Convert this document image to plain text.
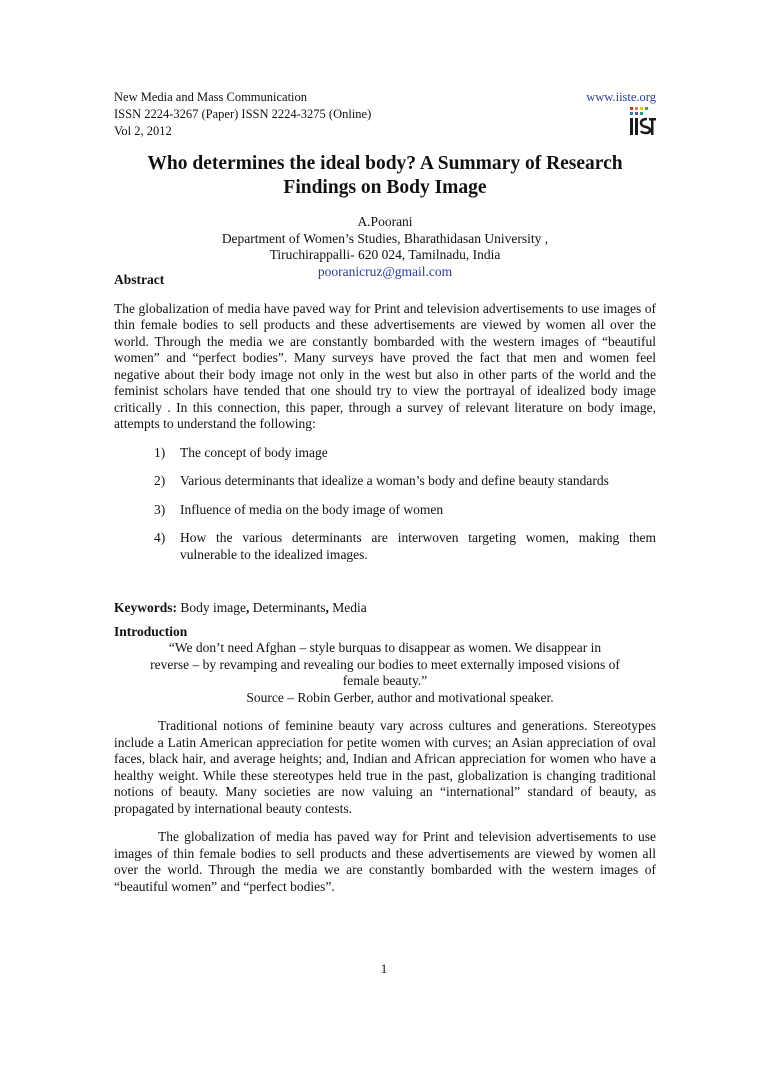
New Media and Mass Communication
ISSN 2224-3267 (Paper) ISSN 2224-3275 (Online)
Vol 2, 2012
www.iiste.org
Who determines the ideal body? A Summary of Research
Findings on Body Image
A.Poorani
Department of Women’s Studies, Bharathidasan University ,
Tiruchirappalli- 620 024, Tamilnadu, India
pooranicruz@gmail.com

Abstract

The globalization of media have paved way for Print and television advertisements to use images of thin female bodies to sell products and these advertisements are viewed by women all over the world. Through the media we are constantly bombarded with the western images of “beautiful women” and “perfect bodies”. Many surveys have proved the fact that men and women feel negative about their body image not only in the west but also in other parts of the world and the feminist scholars have tended that one should try to view the portrayal of idealized body image critically . In this connection, this paper, through a survey of relevant literature on body image, attempts to understand the following:

1) The concept of body image
2) Various determinants that idealize a woman’s body and define beauty standards
3) Influence of media on the body image of women
4) How the various determinants are interwoven targeting women, making them vulnerable to the idealized images.

Keywords: Body image, Determinants, Media

Introduction

“We don’t need Afghan – style burquas to disappear as women. We disappear in

reverse – by revamping and revealing our bodies to meet externally imposed visions of

female beauty.”

Source – Robin Gerber, author and motivational speaker.

Traditional notions of feminine beauty vary across cultures and generations. Stereotypes include a Latin American appreciation for petite women with curves; an Asian appreciation of oval faces, black hair, and average heights; and, Indian and African appreciation for women who have a healthy weight. While these stereotypes held true in the past, globalization is changing traditional notions of beauty. Many societies are now valuing an “international” standard of beauty, as propagated by international beauty contests.

The globalization of media has paved way for Print and television advertisements to use images of thin female bodies to sell products and these advertisements are viewed by women all over the world. Through the media we are constantly bombarded with the western images of “beautiful women” and “perfect bodies”.

1
